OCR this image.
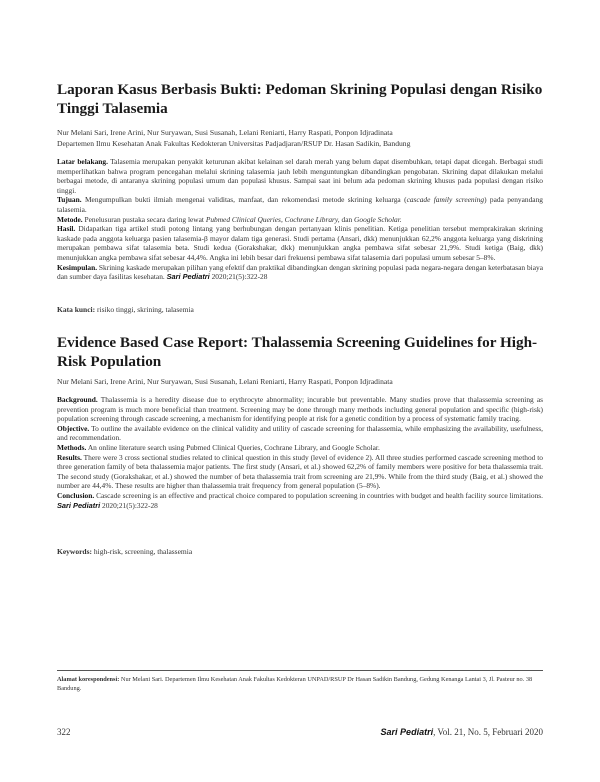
Laporan Kasus Berbasis Bukti: Pedoman Skrining Populasi dengan Risiko Tinggi Talasemia
Nur Melani Sari, Irene Arini, Nur Suryawan, Susi Susanah, Lelani Reniarti, Harry Raspati, Ponpon Idjradinata
Departemen Ilmu Kesehatan Anak Fakultas Kedokteran Universitas Padjadjaran/RSUP Dr. Hasan Sadikin, Bandung

Latar belakang. Talasemia merupakan penyakit keturunan akibat kelainan sel darah merah yang belum dapat disembuhkan, tetapi dapat dicegah. Berbagai studi memperlihatkan bahwa program pencegahan melalui skrining talasemia jauh lebih menguntungkan dibandingkan pengobatan. Skrining dapat dilakukan melalui berbagai metode, di antaranya skrining populasi umum dan populasi khusus. Sampai saat ini belum ada pedoman skrining khusus pada populasi dengan risiko tinggi.

Tujuan. Mengumpulkan bukti ilmiah mengenai validitas, manfaat, dan rekomendasi metode skrining keluarga (cascade family screening) pada penyandang talasemia.

Metode. Penelusuran pustaka secara daring lewat Pubmed Clinical Queries, Cochrane Library, dan Google Scholar.

Hasil. Didapatkan tiga artikel studi potong lintang yang berhubungan dengan pertanyaan klinis penelitian. Ketiga penelitian tersebut memprakirakan skrining kaskade pada anggota keluarga pasien talasemia-β mayor dalam tiga generasi. Studi pertama (Ansari, dkk) menunjukkan 62,2% anggota keluarga yang diskrining merupakan pembawa sifat talasemia beta. Studi kedua (Gorakshakar, dkk) menunjukkan angka pembawa sifat sebesar 21,9%. Studi ketiga (Baig, dkk) menunjukkan angka pembawa sifat sebesar 44,4%. Angka ini lebih besar dari frekuensi pembawa sifat talasemia dari populasi umum sebesar 5–8%.

Kesimpulan. Skrining kaskade merupakan pilihan yang efektif dan praktikal dibandingkan dengan skrining populasi pada negara-negara dengan keterbatasan biaya dan sumber daya fasilitas kesehatan. Sari Pediatri 2020;21(5):322-28

Kata kunci: risiko tinggi, skrining, talasemia
Evidence Based Case Report: Thalassemia Screening Guidelines for High-Risk Population
Nur Melani Sari, Irene Arini, Nur Suryawan, Susi Susanah, Lelani Reniarti, Harry Raspati, Ponpon Idjradinata

Background. Thalassemia is a heredity disease due to erythrocyte abnormality; incurable but preventable. Many studies prove that thalassemia screening as prevention program is much more beneficial than treatment. Screening may be done through many methods including general population and specific (high-risk) population screening through cascade screening, a mechanism for identifying people at risk for a genetic condition by a process of systematic family tracing.

Objective. To outline the available evidence on the clinical validity and utility of cascade screening for thalassemia, while emphasizing the availability, usefulness, and recommendation.

Methods. An online literature search using Pubmed Clinical Queries, Cochrane Library, and Google Scholar.

Results. There were 3 cross sectional studies related to clinical question in this study (level of evidence 2). All three studies performed cascade screening method to three generation family of beta thalassemia major patients. The first study (Ansari, et al.) showed 62,2% of family members were positive for beta thalassemia trait. The second study (Gorakshakar, et al.) showed the number of beta thalassemia trait from screening are 21,9%. While from the third study (Baig, et al.) showed the number are 44,4%. These results are higher than thalassemia trait frequency from general population (5–8%).

Conclusion. Cascade screening is an effective and practical choice compared to population screening in countries with budget and health facility source limitations. Sari Pediatri 2020;21(5):322-28

Keywords: high-risk, screening, thalassemia
Alamat korespondensi: Nur Melani Sari. Departemen Ilmu Kesehatan Anak Fakultas Kedokteran UNPAD/RSUP Dr Hasan Sadikin Bandung, Gedung Kenanga Lantai 3, Jl. Pasteur no. 38 Bandung.
322	Sari Pediatri, Vol. 21, No. 5, Februari 2020
